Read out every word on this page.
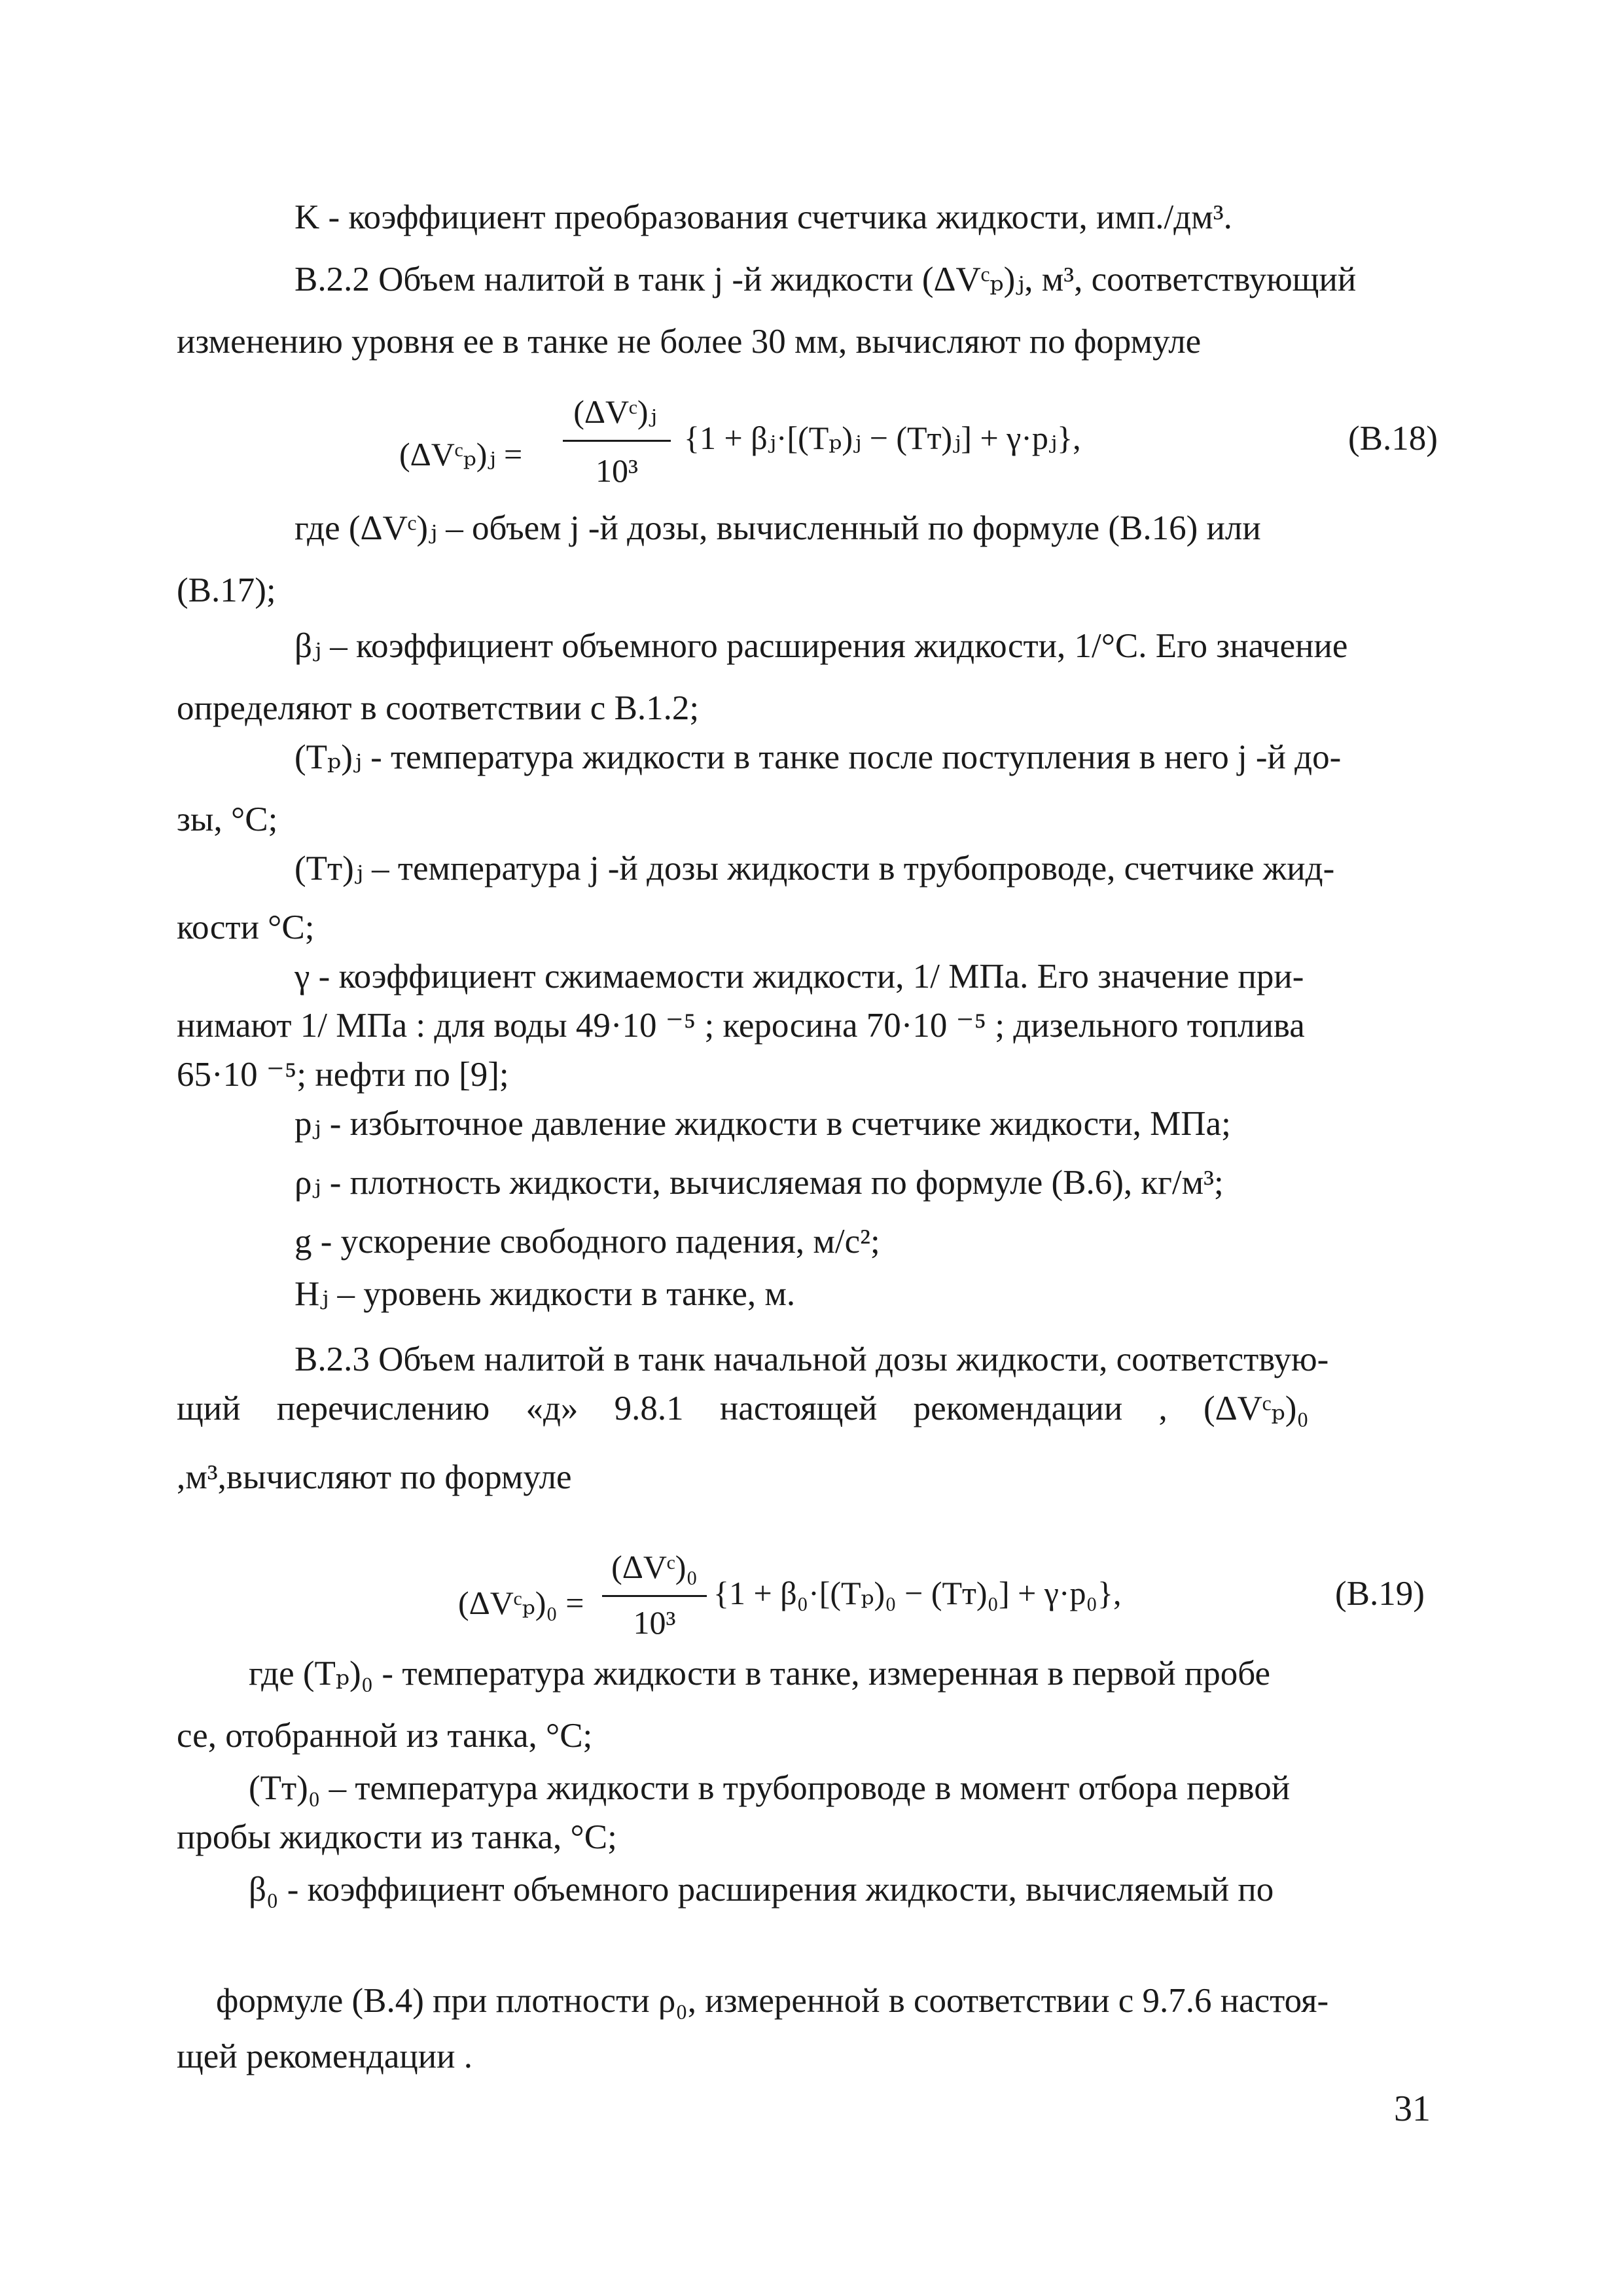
K - коэффициент преобразования счетчика жидкости, имп./дм³.
В.2.2 Объем налитой в танк j -й жидкости (ΔVᶜₚ)ⱼ, м³, соответствующий
изменению уровня ее в танке не более 30 мм, вычисляют по формуле
(ΔVᶜₚ)ⱼ =
(ΔVᶜ)ⱼ
10³
{1 + βⱼ·[(Tₚ)ⱼ − (Tт)ⱼ] + γ·pⱼ},	(В.18)
где (ΔVᶜ)ⱼ – объем j -й дозы, вычисленный по формуле (В.16) или
(В.17);
βⱼ – коэффициент объемного расширения жидкости, 1/°С. Его значение
определяют в соответствии с В.1.2;
(Tₚ)ⱼ - температура жидкости в танке после поступления в него j -й до-
зы, °С;
(Tт)ⱼ – температура j -й дозы жидкости в трубопроводе, счетчике жид-
кости °С;
γ - коэффициент сжимаемости жидкости, 1/ МПа. Его значение при-
нимают 1/ МПа : для воды 49·10 ⁻⁵ ; керосина 70·10 ⁻⁵ ; дизельного топлива
65·10 ⁻⁵; нефти по [9];
pⱼ - избыточное давление жидкости в счетчике жидкости, МПа;
ρⱼ - плотность жидкости, вычисляемая по формуле (В.6), кг/м³;
g - ускорение свободного падения, м/с²;
Hⱼ – уровень жидкости в танке, м.
В.2.3 Объем налитой в танк начальной дозы жидкости, соответствую-
щий перечислению «д» 9.8.1 настоящей рекомендации , (ΔVᶜₚ)₀
,м³,вычисляют по формуле
(ΔVᶜₚ)₀ =
(ΔVᶜ)₀
10³
{1 + β₀·[(Tₚ)₀ − (Tт)₀] + γ·p₀},	(В.19)
где (Tₚ)₀ - температура жидкости в танке, измеренная в первой пробе
се, отобранной из танка, °С;
(Tт)₀ – температура жидкости в трубопроводе в момент отбора первой
пробы жидкости из танка, °С;
β₀ - коэффициент объемного расширения жидкости, вычисляемый по
формуле (В.4) при плотности ρ₀, измеренной в соответствии с 9.7.6 настоя-
щей рекомендации .
31
